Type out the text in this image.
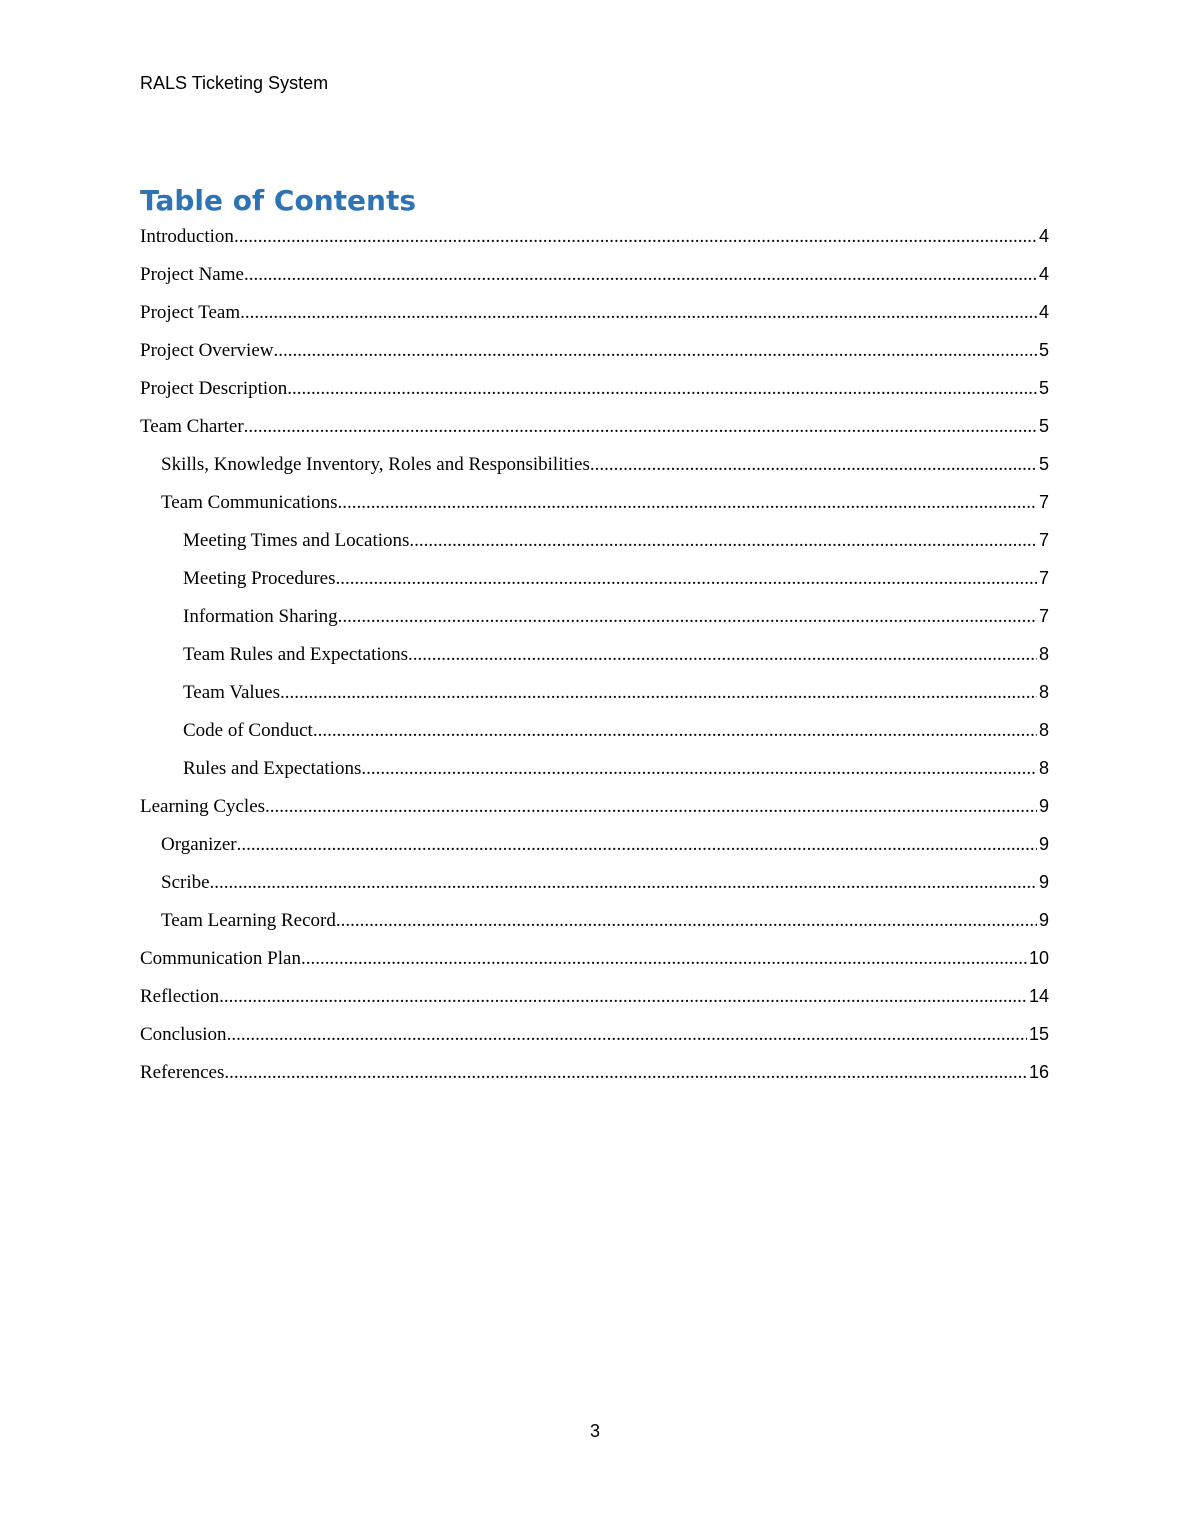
RALS Ticketing System
Table of Contents
Introduction .....	4
Project Name .....	4
Project Team .....	4
Project Overview .....	5
Project Description .....	5
Team Charter .....	5
Skills, Knowledge Inventory, Roles and Responsibilities .....	5
Team Communications .....	7
Meeting Times and Locations .....	7
Meeting Procedures .....	7
Information Sharing .....	7
Team Rules and Expectations .....	8
Team Values .....	8
Code of Conduct .....	8
Rules and Expectations .....	8
Learning Cycles .....	9
Organizer .....	9
Scribe .....	9
Team Learning Record .....	9
Communication Plan .....	10
Reflection .....	14
Conclusion .....	15
References .....	16
3
